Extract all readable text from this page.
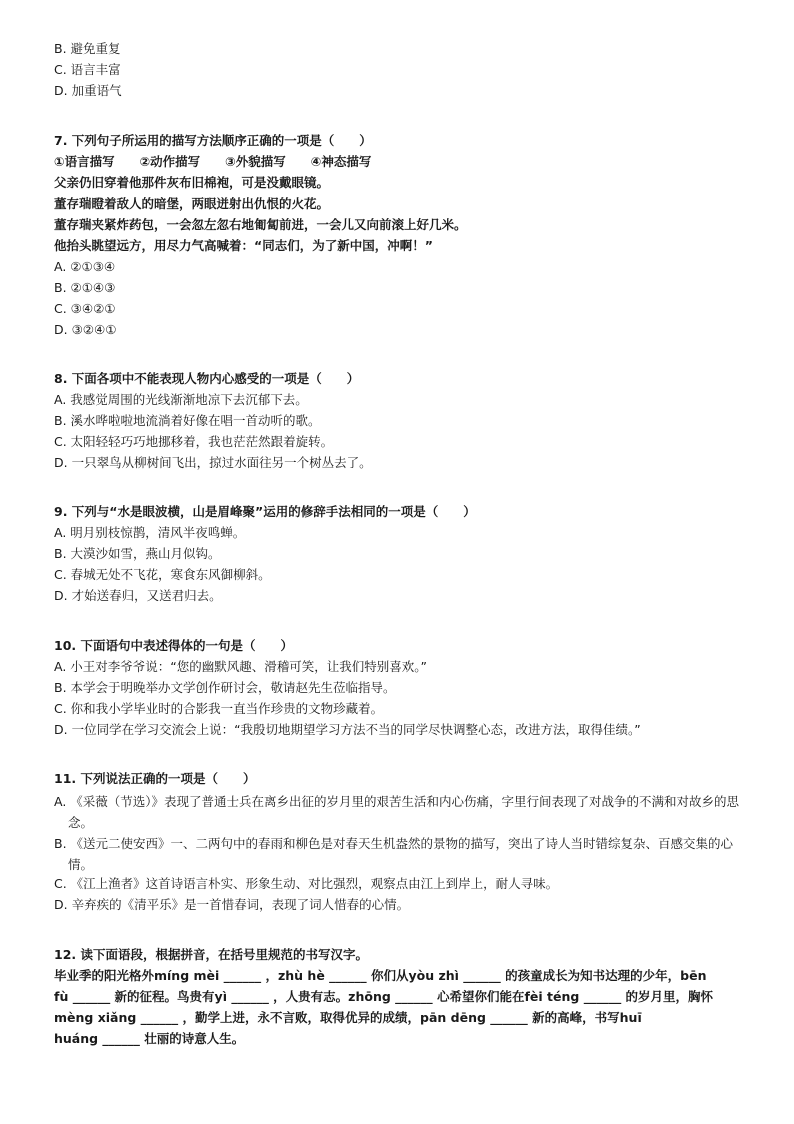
B. 避免重复
C. 语言丰富
D. 加重语气
7. 下列句子所运用的描写方法顺序正确的一项是（　　）
①语言描写　　②动作描写　　③外貌描写　　④神态描写
父亲仍旧穿着他那件灰布旧棉袍，可是没戴眼镜。
董存瑞瞪着敌人的暗堡，两眼迸射出仇恨的火花。
董存瑞夹紧炸药包，一会忽左忽右地匍匐前进，一会儿又向前滚上好几米。
他抬头眺望远方，用尽力气高喊着：“同志们，为了新中国，冲啊！”
A. ②①③④
B. ②①④③
C. ③④②①
D. ③②④①
8. 下面各项中不能表现人物内心感受的一项是（　　）
A. 我感觉周围的光线渐渐地凉下去沉郁下去。
B. 溪水哗啦啦地流淌着好像在唱一首动听的歌。
C. 太阳轻轻巧巧地挪移着，我也茫茫然跟着旋转。
D. 一只翠鸟从柳树间飞出，掠过水面往另一个树丛去了。
9. 下列与“水是眼波横，山是眉峰聚”运用的修辞手法相同的一项是（　　）
A. 明月别枝惊鹊，清风半夜鸣蝉。
B. 大漠沙如雪，燕山月似钩。
C. 春城无处不飞花，寒食东风御柳斜。
D. 才始送春归，又送君归去。
10. 下面语句中表述得体的一句是（　　）
A. 小王对李爷爷说：“您的幽默风趣、滑稽可笑，让我们特别喜欢。”
B. 本学会于明晚举办文学创作研讨会，敬请赵先生莅临指导。
C. 你和我小学毕业时的合影我一直当作珍贵的文物珍藏着。
D. 一位同学在学习交流会上说：“我殷切地期望学习方法不当的同学尽快调整心态，改进方法，取得佳绩。”
11. 下列说法正确的一项是（　　）
A. 《采薇（节选）》表现了普通士兵在离乡出征的岁月里的艰苦生活和内心伤痛，字里行间表现了对战争的不满和对故乡的思念。
B. 《送元二使安西》一、二两句中的春雨和柳色是对春天生机盎然的景物的描写，突出了诗人当时错综复杂、百感交集的心情。
C. 《江上渔者》这首诗语言朴实、形象生动、对比强烈，观察点由江上到岸上，耐人寻味。
D. 辛弃疾的《清平乐》是一首惜春词，表现了词人惜春的心情。
12. 读下面语段，根据拼音，在括号里规范的书写汉字。
毕业季的阳光格外míng mèi ______ ，zhù hè ______ 你们从yòu zhì ______ 的孩童成长为知书达理的少年，bēn
fù ______ 新的征程。鸟贵有yì ______ ，人贵有志。zhōng ______ 心希望你们能在fèi téng ______ 的岁月里，胸怀
mèng xiǎng ______ ，勤学上进，永不言败，取得优异的成绩，pān dēng ______ 新的高峰，书写huī
huáng ______ 壮丽的诗意人生。
